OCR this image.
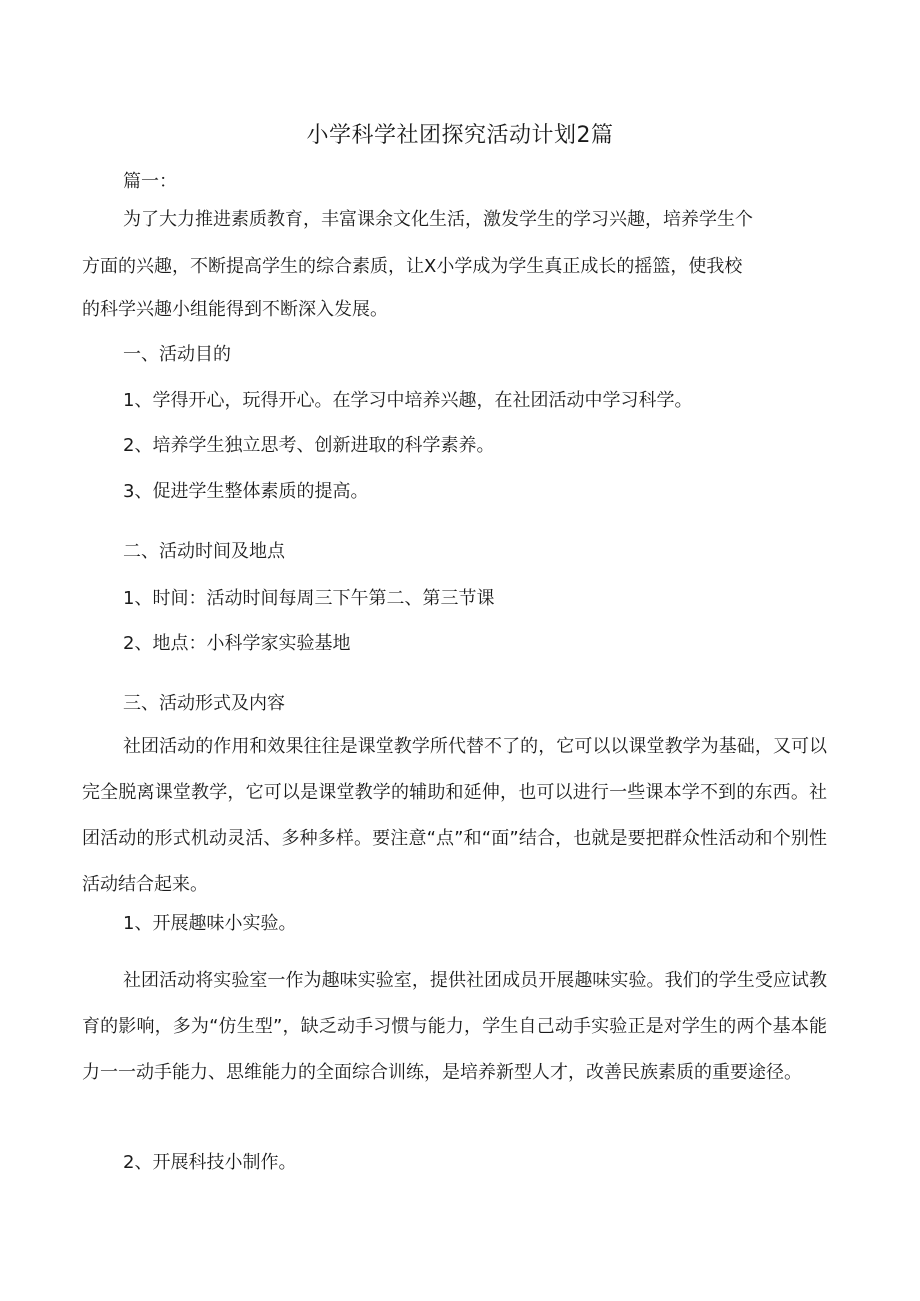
小学科学社团探究活动计划2篇

篇一：

为了大力推进素质教育，丰富课余文化生活，激发学生的学习兴趣，培养学生个

方面的兴趣，不断提高学生的综合素质，让X小学成为学生真正成长的摇篮，使我校

的科学兴趣小组能得到不断深入发展。

一、活动目的

1、学得开心，玩得开心。在学习中培养兴趣，在社团活动中学习科学。

2、培养学生独立思考、创新进取的科学素养。

3、促进学生整体素质的提高。

二、活动时间及地点

1、时间：活动时间每周三下午第二、第三节课

2、地点：小科学家实验基地

三、活动形式及内容

社团活动的作用和效果往往是课堂教学所代替不了的，它可以以课堂教学为基础，又可以完全脱离课堂教学，它可以是课堂教学的辅助和延伸，也可以进行一些课本学不到的东西。社团活动的形式机动灵活、多种多样。要注意“点”和“面”结合，也就是要把群众性活动和个别性活动结合起来。

1、开展趣味小实验。

社团活动将实验室一作为趣味实验室，提供社团成员开展趣味实验。我们的学生受应试教育的影响，多为“仿生型”，缺乏动手习惯与能力，学生自己动手实验正是对学生的两个基本能力一一动手能力、思维能力的全面综合训练，是培养新型人才，改善民族素质的重要途径。

2、开展科技小制作。
